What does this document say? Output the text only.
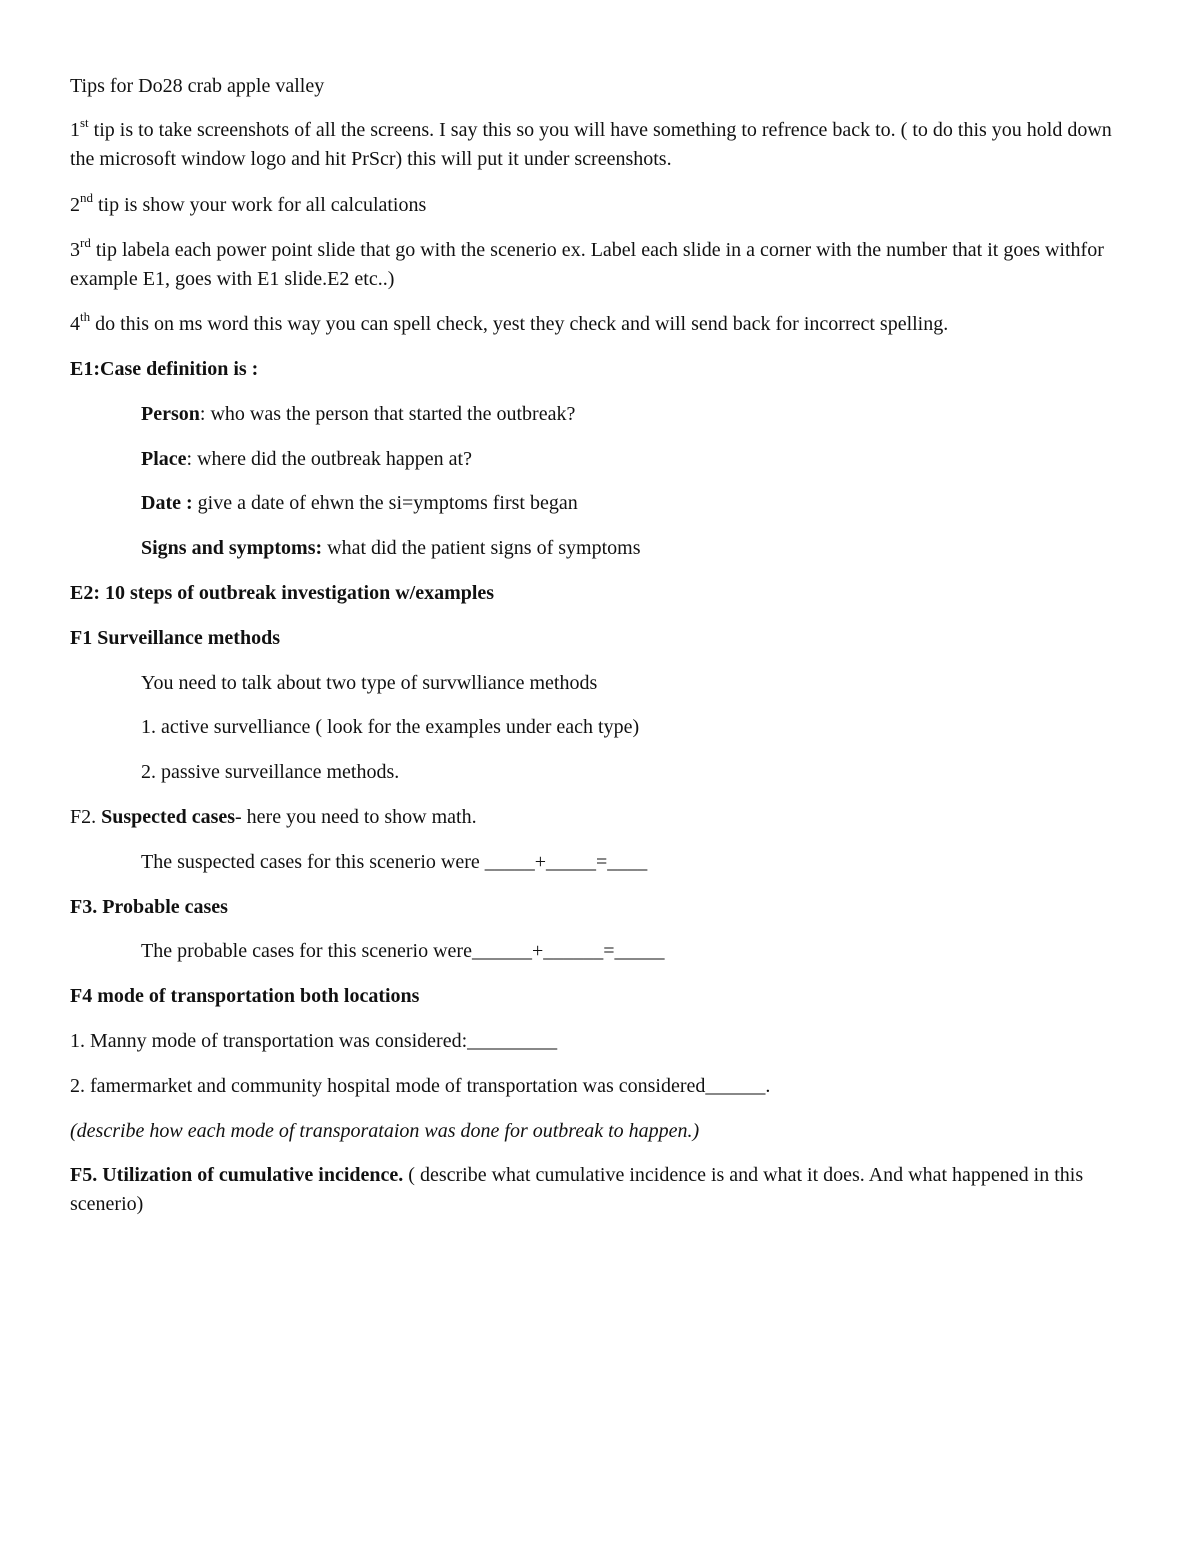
Tips for Do28 crab apple valley
1st tip is to take screenshots of all the screens. I say this so you will have something to refrence back to. ( to do this you hold down the microsoft window logo and hit PrScr) this will put it under screenshots.
2nd tip is show your work for all calculations
3rd tip labela each power point slide that go with the scenerio ex. Label each slide in a corner with the number that it goes withfor example E1, goes with E1 slide.E2 etc..)
4th do this on ms word this way you can spell check, yest they check and will send back for incorrect spelling.
E1:Case definition is :
Person: who was the person that started the outbreak?
Place: where did the outbreak happen at?
Date : give a date of ehwn the si=ymptoms first began
Signs and symptoms: what did the patient signs of symptoms
E2: 10 steps of outbreak investigation w/examples
F1 Surveillance methods
You need to talk about two type of survwlliance methods
1. active survelliance ( look for the examples under each type)
2. passive surveillance methods.
F2. Suspected cases- here you need to show math.
The suspected cases for this scenerio were _____+_____=____
F3. Probable cases
The probable cases for this scenerio were______+______=_____
F4 mode of transportation both locations
1. Manny mode of transportation was considered:_________
2. famermarket and community hospital mode of transportation was considered______.
(describe how each mode of transporataion was done for outbreak to happen.)
F5. Utilization of cumulative incidence. ( describe what cumulative incidence is and what it does. And what happened in this scenerio)
